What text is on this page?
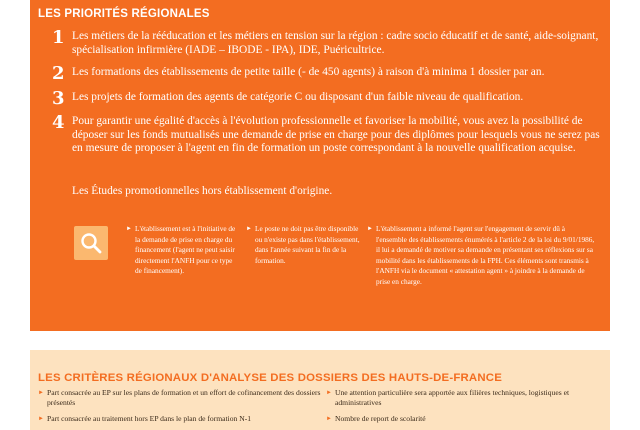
LES PRIORITÉS RÉGIONALES
1 Les métiers de la rééducation et les métiers en tension sur la région : cadre socio éducatif et de santé, aide-soignant, spécialisation infirmière (IADE – IBODE - IPA), IDE, Puéricultrice.
2 Les formations des établissements de petite taille (- de 450 agents) à raison d'à minima 1 dossier par an.
3 Les projets de formation des agents de catégorie C ou disposant d'un faible niveau de qualification.
4 Pour garantir une égalité d'accès à l'évolution professionnelle et favoriser la mobilité, vous avez la possibilité de déposer sur les fonds mutualisés une demande de prise en charge pour des diplômes pour lesquels vous ne serez pas en mesure de proposer à l'agent en fin de formation un poste correspondant à la nouvelle qualification acquise.
Les Études promotionnelles hors établissement d'origine.
► L'établissement est à l'initiative de la demande de prise en charge du financement (l'agent ne peut saisir directement l'ANFH pour ce type de financement).
► Le poste ne doit pas être disponible ou n'existe pas dans l'établissement, dans l'année suivant la fin de la formation.
► L'établissement a informé l'agent sur l'engagement de servir dû à l'ensemble des établissements énumérés à l'article 2 de la loi du 9/01/1986, il lui a demandé de motiver sa demande en présentant ses réflexions sur sa mobilité dans les établissements de la FPH. Ces éléments sont transmis à l'ANFH via le document « attestation agent » à joindre à la demande de prise en charge.
LES CRITÈRES RÉGIONAUX D'ANALYSE DES DOSSIERS DES HAUTS-DE-FRANCE
► Part consacrée au EP sur les plans de formation et un effort de cofinancement des dossiers présentés
► Part consacrée au traitement hors EP dans le plan de formation N-1
► Une attention particulière sera apportée aux filières techniques, logistiques et administratives
► Nombre de report de scolarité
